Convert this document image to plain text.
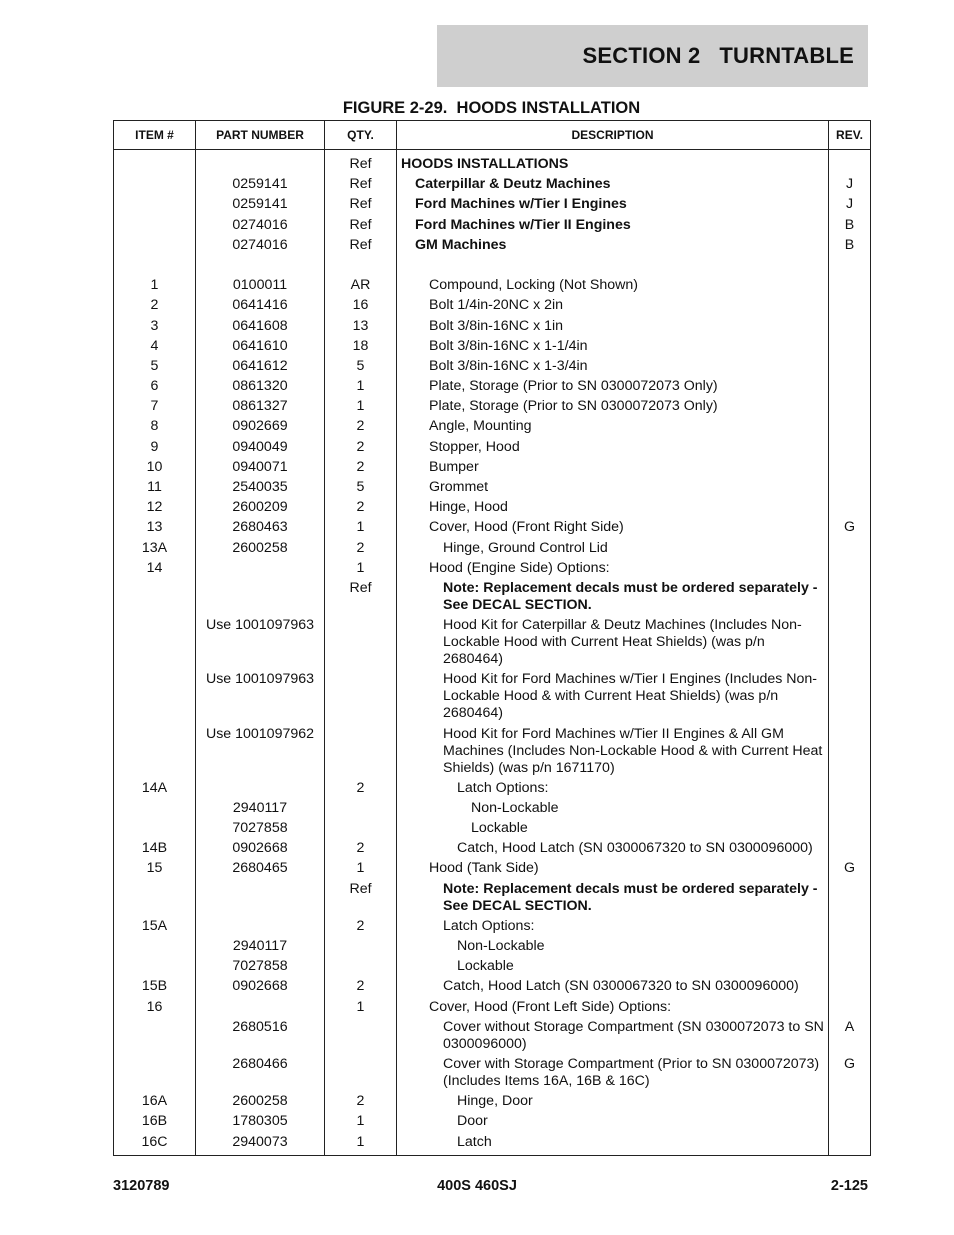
SECTION 2   TURNTABLE
FIGURE 2-29.  HOODS INSTALLATION
ITEM #	PART NUMBER	QTY.	DESCRIPTION	REV.
		Ref	HOODS INSTALLATIONS	
	0259141	Ref	Caterpillar & Deutz Machines	J
	0259141	Ref	Ford Machines w/Tier I Engines	J
	0274016	Ref	Ford Machines w/Tier II Engines	B
	0274016	Ref	GM Machines	B

1	0100011	AR	Compound, Locking (Not Shown)	
2	0641416	16	Bolt 1/4in-20NC x 2in	
3	0641608	13	Bolt 3/8in-16NC x 1in	
4	0641610	18	Bolt 3/8in-16NC x 1-1/4in	
5	0641612	5	Bolt 3/8in-16NC x 1-3/4in	
6	0861320	1	Plate, Storage (Prior to SN 0300072073 Only)	
7	0861327	1	Plate, Storage (Prior to SN 0300072073 Only)	
8	0902669	2	Angle, Mounting	
9	0940049	2	Stopper, Hood	
10	0940071	2	Bumper	
11	2540035	5	Grommet	
12	2600209	2	Hinge, Hood	
13	2680463	1	Cover, Hood (Front Right Side)	G
13A	2600258	2	Hinge, Ground Control Lid	
14		1	Hood (Engine Side) Options:	
		Ref	Note: Replacement decals must be ordered separately - See DECAL SECTION.	
	Use 1001097963		Hood Kit for Caterpillar & Deutz Machines (Includes Non-Lockable Hood with Current Heat Shields) (was p/n 2680464)	
	Use 1001097963		Hood Kit for Ford Machines w/Tier I Engines (Includes Non-Lockable Hood & with Current Heat Shields) (was p/n 2680464)	
	Use 1001097962		Hood Kit for Ford Machines w/Tier II Engines & All GM Machines (Includes Non-Lockable Hood & with Current Heat Shields) (was p/n 1671170)	
14A		2	Latch Options:	
	2940117		Non-Lockable	
	7027858		Lockable	
14B	0902668	2	Catch, Hood Latch (SN 0300067320 to SN 0300096000)	
15	2680465	1	Hood (Tank Side)	G
		Ref	Note: Replacement decals must be ordered separately - See DECAL SECTION.	
15A		2	Latch Options:	
	2940117		Non-Lockable	
	7027858		Lockable	
15B	0902668	2	Catch, Hood Latch (SN 0300067320 to SN 0300096000)	
16		1	Cover, Hood (Front Left Side) Options:	
	2680516		Cover without Storage Compartment (SN 0300072073 to SN 0300096000)	A
	2680466		Cover with Storage Compartment (Prior to SN 0300072073) (Includes Items 16A, 16B & 16C)	G
16A	2600258	2	Hinge, Door	
16B	1780305	1	Door	
16C	2940073	1	Latch	
3120789	400S 460SJ	2-125
